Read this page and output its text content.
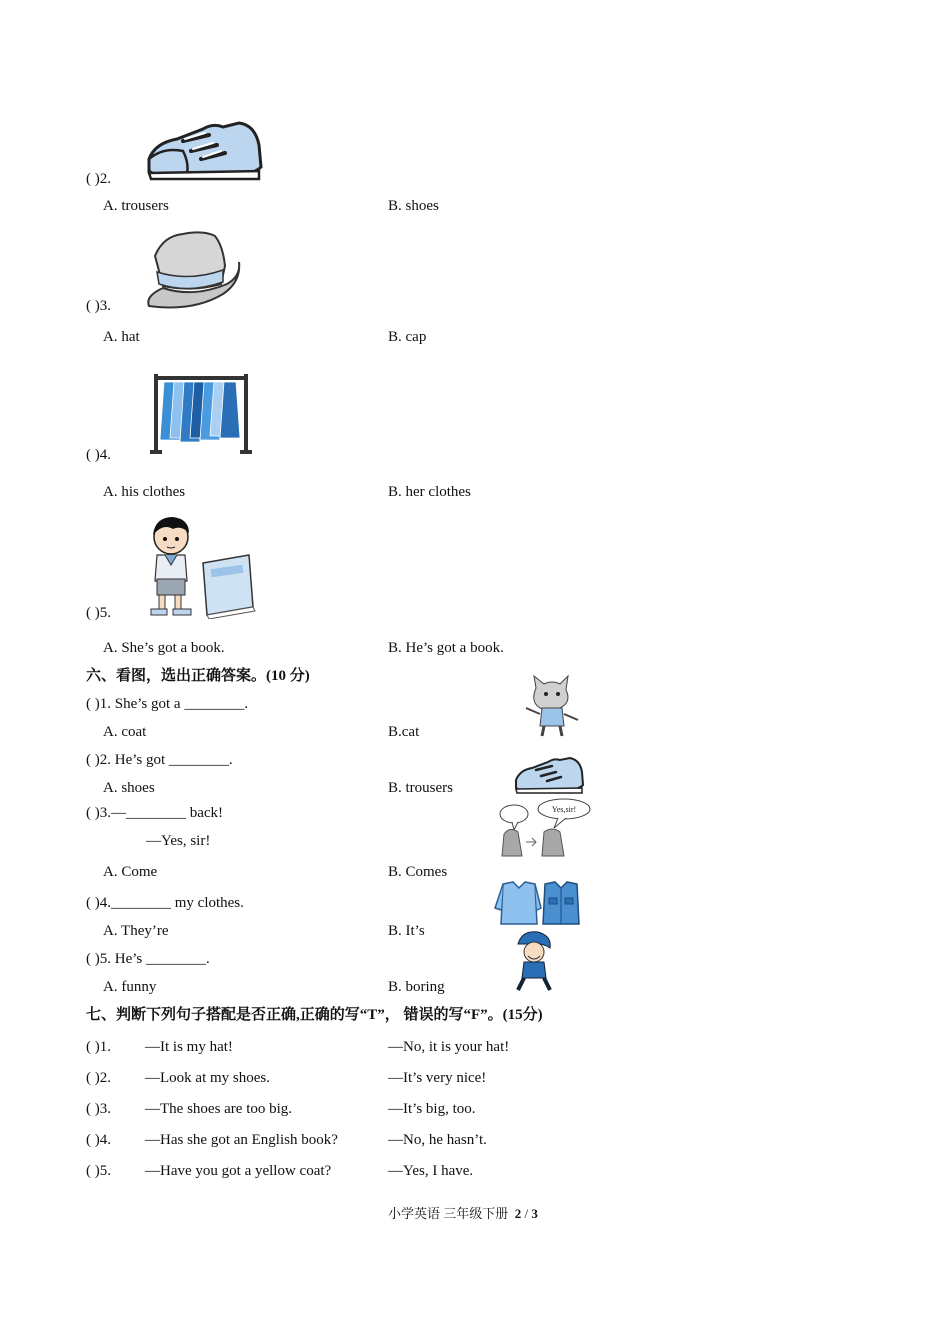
( )2.
A. trousers	B. shoes
( )3.
A. hat	B. cap
( )4.
A. his clothes	B. her clothes
( )5.
A. She’s got a book.	B. He’s got a book.
六、看图，选出正确答案。(10 分)
( )1. She’s got a ________.
A. coat	B.cat
( )2. He’s got ________.
A. shoes	B. trousers
( )3.—________ back!
—Yes, sir!
Yes,sir!
A. Come	B. Comes
( )4.________ my clothes.
A. They’re	B. It’s
( )5. He’s ________.
A. funny	B. boring
七、判断下列句子搭配是否正确,正确的写“T”， 错误的写“F”。(15分)
( )1. —It is my hat!	—No, it is your hat!
( )2. —Look at my shoes.	—It’s very nice!
( )3. —The shoes are too big.	—It’s big, too.
( )4. —Has she got an English book?	—No, he hasn’t.
( )5. —Have you got a yellow coat?	—Yes, I have.
小学英语 三年级下册 2 / 3
